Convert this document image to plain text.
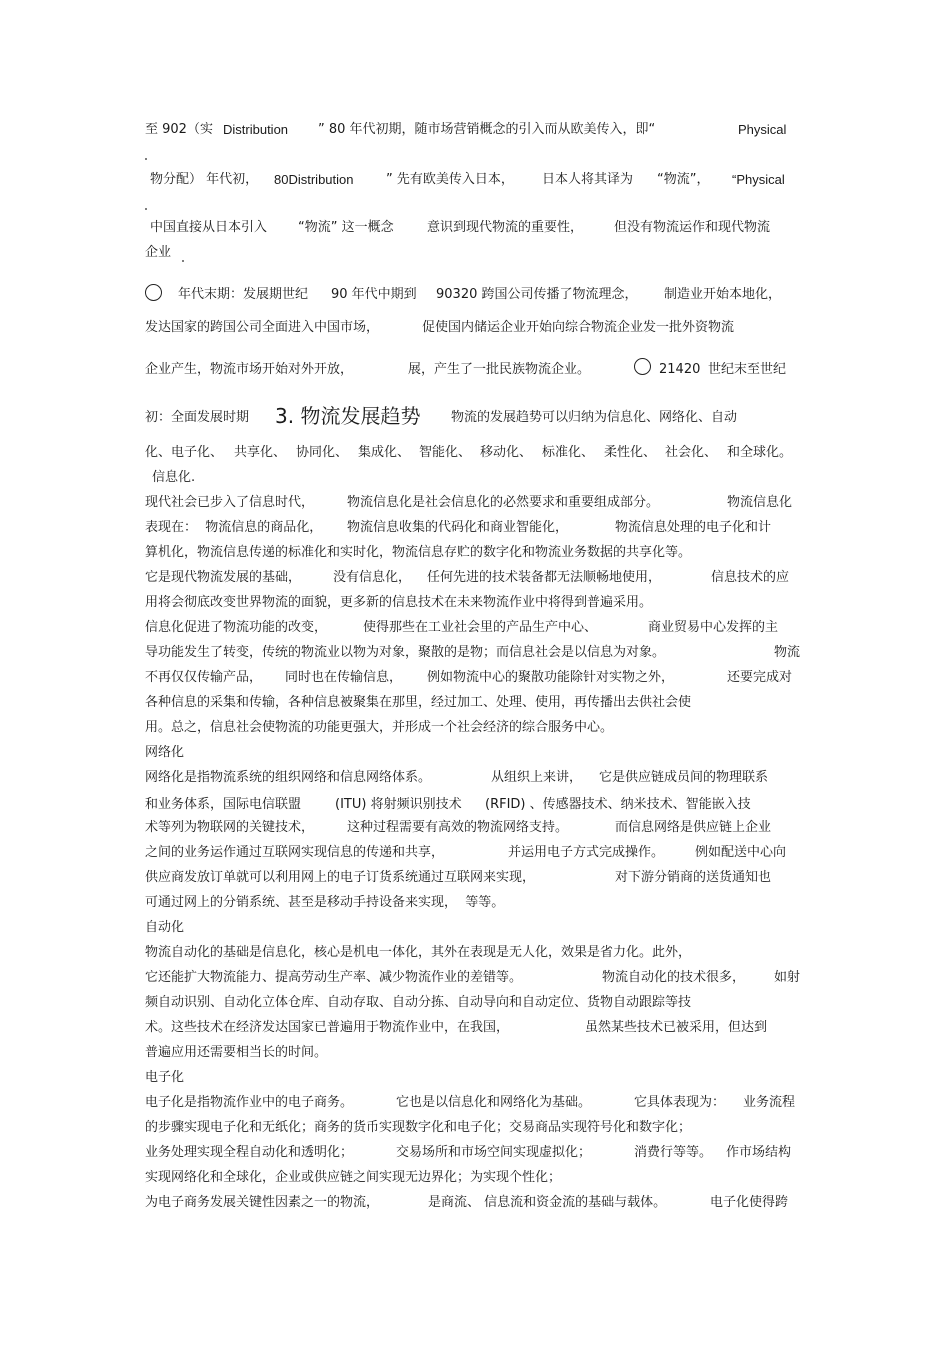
至 902（实

Distribution

” 80 年代初期，随市场营销概念的引入而从欧美传入，即“

	Physical

物分配） 年代初，

80Distribution

	” 先有欧美传入日本，

日本人将其译为

“物流”，

“Physical

中国直接从日本引入

“物流” 这一概念

	意识到现代物流的重要性，

但没有物流运作和现代物流

企业

年代末期：发展期世纪

90 年代中期到

90320 跨国公司传播了物流理念，

制造业开始本地化，

发达国家的跨国公司全面进入中国市场，

	促使国内储运企业开始向综合物流企业发一批外资物流

企业产生，物流市场开始对外开放，

	展，产生了一批民族物流企业。

	21420

世纪末至世纪

初：全面发展时期

3. 物流发展趋势

物流的发展趋势可以归纳为信息化、网络化、自动

化、电子化、

共享化、

协同化、

集成化、

智能化、

移动化、

标准化、

柔性化、

社会化、

和全球化。

信息化.

现代社会已步入了信息时代，

	物流信息化是社会信息化的必然要求和重要组成部分。

	物流信息化

表现在：  物流信息的商品化，

物流信息收集的代码化和商业智能化，

	物流信息处理的电子化和计

算机化，物流信息传递的标准化和实时化，物流信息存贮的数字化和物流业务数据的共享化等。

它是现代物流发展的基础，

没有信息化，

任何先进的技术装备都无法顺畅地使用，

	信息技术的应

用将会彻底改变世界物流的面貌，更多新的信息技术在未来物流作业中将得到普遍采用。

信息化促进了物流功能的改变，

	使得那些在工业社会里的产品生产中心、

	商业贸易中心发挥的主

导功能发生了转变，传统的物流业以物为对象，聚散的是物；而信息社会是以信息为对象。

	物流

不再仅仅传输产品，

同时也在传输信息，

例如物流中心的聚散功能除针对实物之外，

	还要完成对

各种信息的采集和传输，各种信息被聚集在那里，经过加工、处理、使用，再传播出去供社会使

用。总之，信息社会使物流的功能更强大，并形成一个社会经济的综合服务中心。

网络化

网络化是指物流系统的组织网络和信息网络体系。

	从组织上来讲，

它是供应链成员间的物理联系

和业务体系，国际电信联盟

	(ITU) 将射频识别技术

(RFID) 、传感器技术、纳米技术、智能嵌入技

术等列为物联网的关键技术，

	这种过程需要有高效的物流网络支持。

	而信息网络是供应链上企业

之间的业务运作通过互联网实现信息的传递和共享，

	并运用电子方式完成操作。

例如配送中心向

供应商发放订单就可以利用网上的电子订货系统通过互联网来实现，

	对下游分销商的送货通知也

可通过网上的分销系统、甚至是移动手持设备来实现，  等等。

自动化

物流自动化的基础是信息化，核心是机电一体化，其外在表现是无人化，效果是省力化。此外，

它还能扩大物流能力、提高劳动生产率、减少物流作业的差错等。

	物流自动化的技术很多，

如射

频自动识别、自动化立体仓库、自动存取、自动分拣、自动导向和自动定位、货物自动跟踪等技

术。这些技术在经济发达国家已普遍用于物流作业中，在我国，

	虽然某些技术已被采用，但达到

普遍应用还需要相当长的时间。

电子化

电子化是指物流作业中的电子商务。

	它也是以信息化和网络化为基础。

	它具体表现为：

业务流程

的步骤实现电子化和无纸化；商务的货币实现数字化和电子化；交易商品实现符号化和数字化；

业务处理实现全程自动化和透明化；

	交易场所和市场空间实现虚拟化；

	消费行等等。

作市场结构

实现网络化和全球化，企业或供应链之间实现无边界化；为实现个性化；

为电子商务发展关键性因素之一的物流，

	是商流、 信息流和资金流的基础与载体。

	电子化使得跨
